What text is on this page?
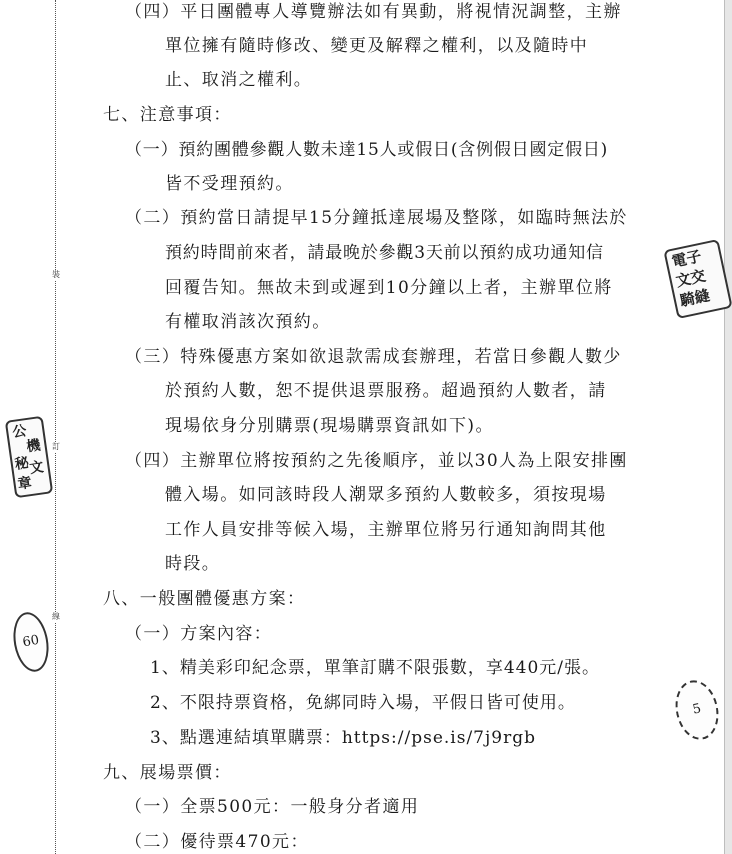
裝
訂
線
公
機
秘
文
章
電子
文交
騎縫
60
5
（四）平日團體專人導覽辦法如有異動，將視情況調整，主辦
單位擁有隨時修改、變更及解釋之權利，以及隨時中
止、取消之權利。
七、注意事項：
（一）預約團體參觀人數未達15人或假日(含例假日國定假日)
皆不受理預約。
（二）預約當日請提早15分鐘抵達展場及整隊，如臨時無法於
預約時間前來者，請最晚於參觀3天前以預約成功通知信
回覆告知。無故未到或遲到10分鐘以上者，主辦單位將
有權取消該次預約。
（三）特殊優惠方案如欲退款需成套辦理，若當日參觀人數少
於預約人數，恕不提供退票服務。超過預約人數者，請
現場依身分別購票(現場購票資訊如下)。
（四）主辦單位將按預約之先後順序，並以30人為上限安排團
體入場。如同該時段人潮眾多預約人數較多，須按現場
工作人員安排等候入場，主辦單位將另行通知詢問其他
時段。
八、一般團體優惠方案：
（一）方案內容：
1、精美彩印紀念票，單筆訂購不限張數，享440元/張。
2、不限持票資格，免綁同時入場，平假日皆可使用。
3、點選連結填單購票：https://pse.is/7j9rgb
九、展場票價：
（一）全票500元：一般身分者適用
（二）優待票470元：
